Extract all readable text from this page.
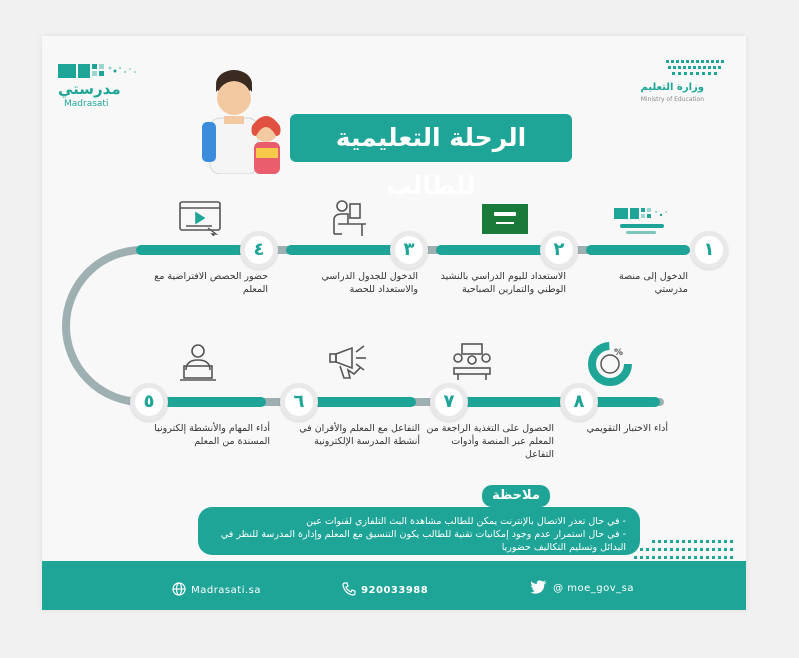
مدرستي
Madrasati
وزارة التعليم
Ministry of Education
الرحلة التعليمية للطالب
١
٢
٣
٤
٥	٦	٧	٨
%
الدخول إلى منصة مدرستي
الاستعداد لليوم الدراسي بالنشيد الوطني والتمارين الصباحية
الدخول للجدول الدراسي والاستعداد للحصة
حضور الحصص الافتراضية مع المعلم
أداء المهام والأنشطة إلكترونيا المسندة من المعلم
التفاعل مع المعلم والأقران في أنشطة المدرسة الإلكترونية
الحصول على التغذية الراجعة من المعلم عبر المنصة وأدوات التفاعل
أداء الاختبار التقويمي
ملاحظة
- في حال تعذر الاتصال بالإنترنت يمكن للطالب مشاهدة البث التلفازي لقنوات عين
- في حال استمرار عدم وجود إمكانيات تقنية للطالب يكون التنسيق مع المعلم وإدارة المدرسة للنظر في البدائل وتسليم التكاليف حضوريا
Madrasati.sa	920033988	@ moe_gov_sa
